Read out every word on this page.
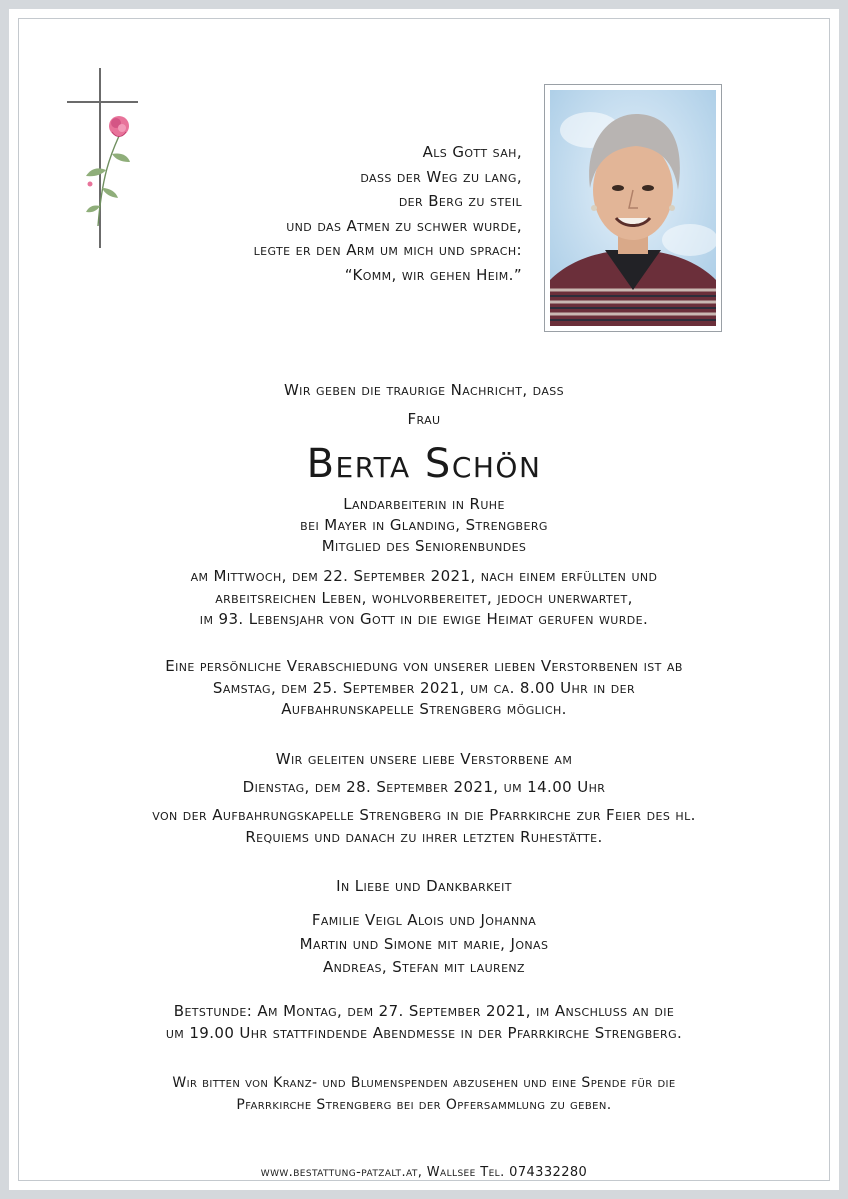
Als Gott sah,
dass der Weg zu lang,
der Berg zu steil
und das Atmen zu schwer wurde,
legte er den Arm um mich und sprach:
“Komm, wir gehen Heim.”
Wir geben die traurige Nachricht, dass
Frau
Berta Schön
Landarbeiterin in Ruhe
bei Mayer in Glanding, Strengberg
Mitglied des Seniorenbundes
am Mittwoch, dem 22. September 2021, nach einem erfüllten und
arbeitsreichen Leben, wohlvorbereitet, jedoch unerwartet,
im 93. Lebensjahr von Gott in die ewige Heimat gerufen wurde.
Eine persönliche Verabschiedung von unserer lieben Verstorbenen ist ab
Samstag, dem 25. September 2021, um ca. 8.00 Uhr in der
Aufbahrunskapelle Strengberg möglich.
Wir geleiten unsere liebe Verstorbene am
Dienstag, dem 28. September 2021, um 14.00 Uhr
von der Aufbahrungskapelle Strengberg in die Pfarrkirche zur Feier des hl.
Requiems und danach zu ihrer letzten Ruhestätte.
In Liebe und Dankbarkeit
Familie Veigl Alois und Johanna
Martin und Simone mit marie, Jonas
Andreas, Stefan mit laurenz
Betstunde: Am Montag, dem 27. September 2021, im Anschluss an die
um 19.00 Uhr stattfindende Abendmesse in der Pfarrkirche Strengberg.
Wir bitten von Kranz- und Blumenspenden abzusehen und eine Spende für die
Pfarrkirche Strengberg bei der Opfersammlung zu geben.
www.bestattung-patzalt.at, Wallsee Tel. 074332280
